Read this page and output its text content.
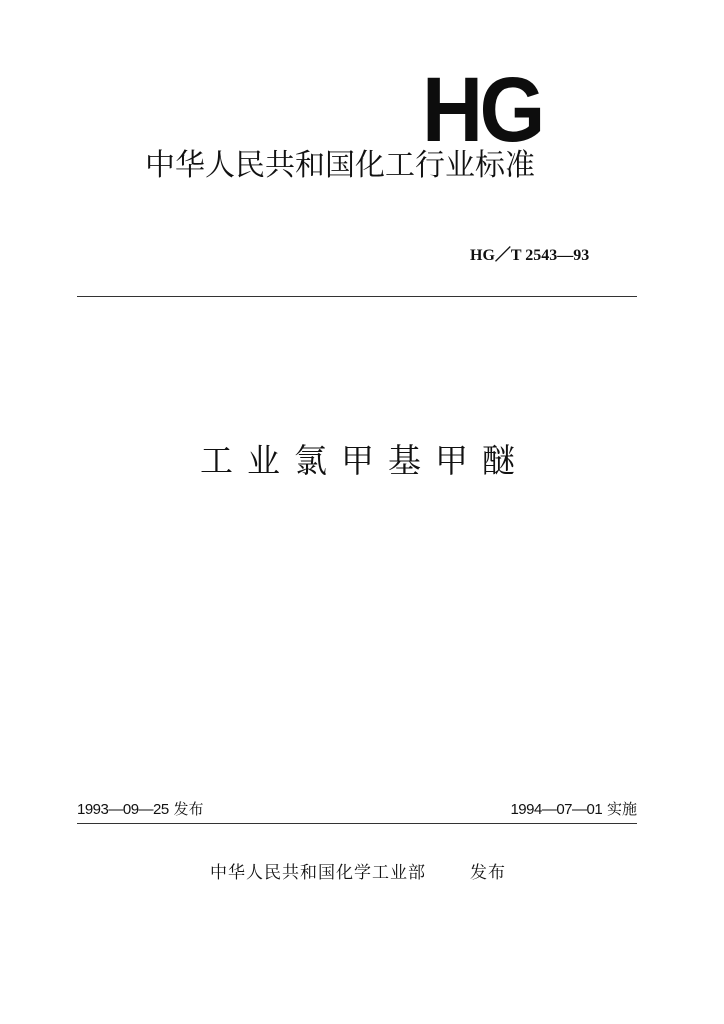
HG
中华人民共和国化工行业标准
HG／T 2543—93
工业氯甲基甲醚
1993—09—25 发布	1994—07—01 实施
中华人民共和国化学工业部	发布
